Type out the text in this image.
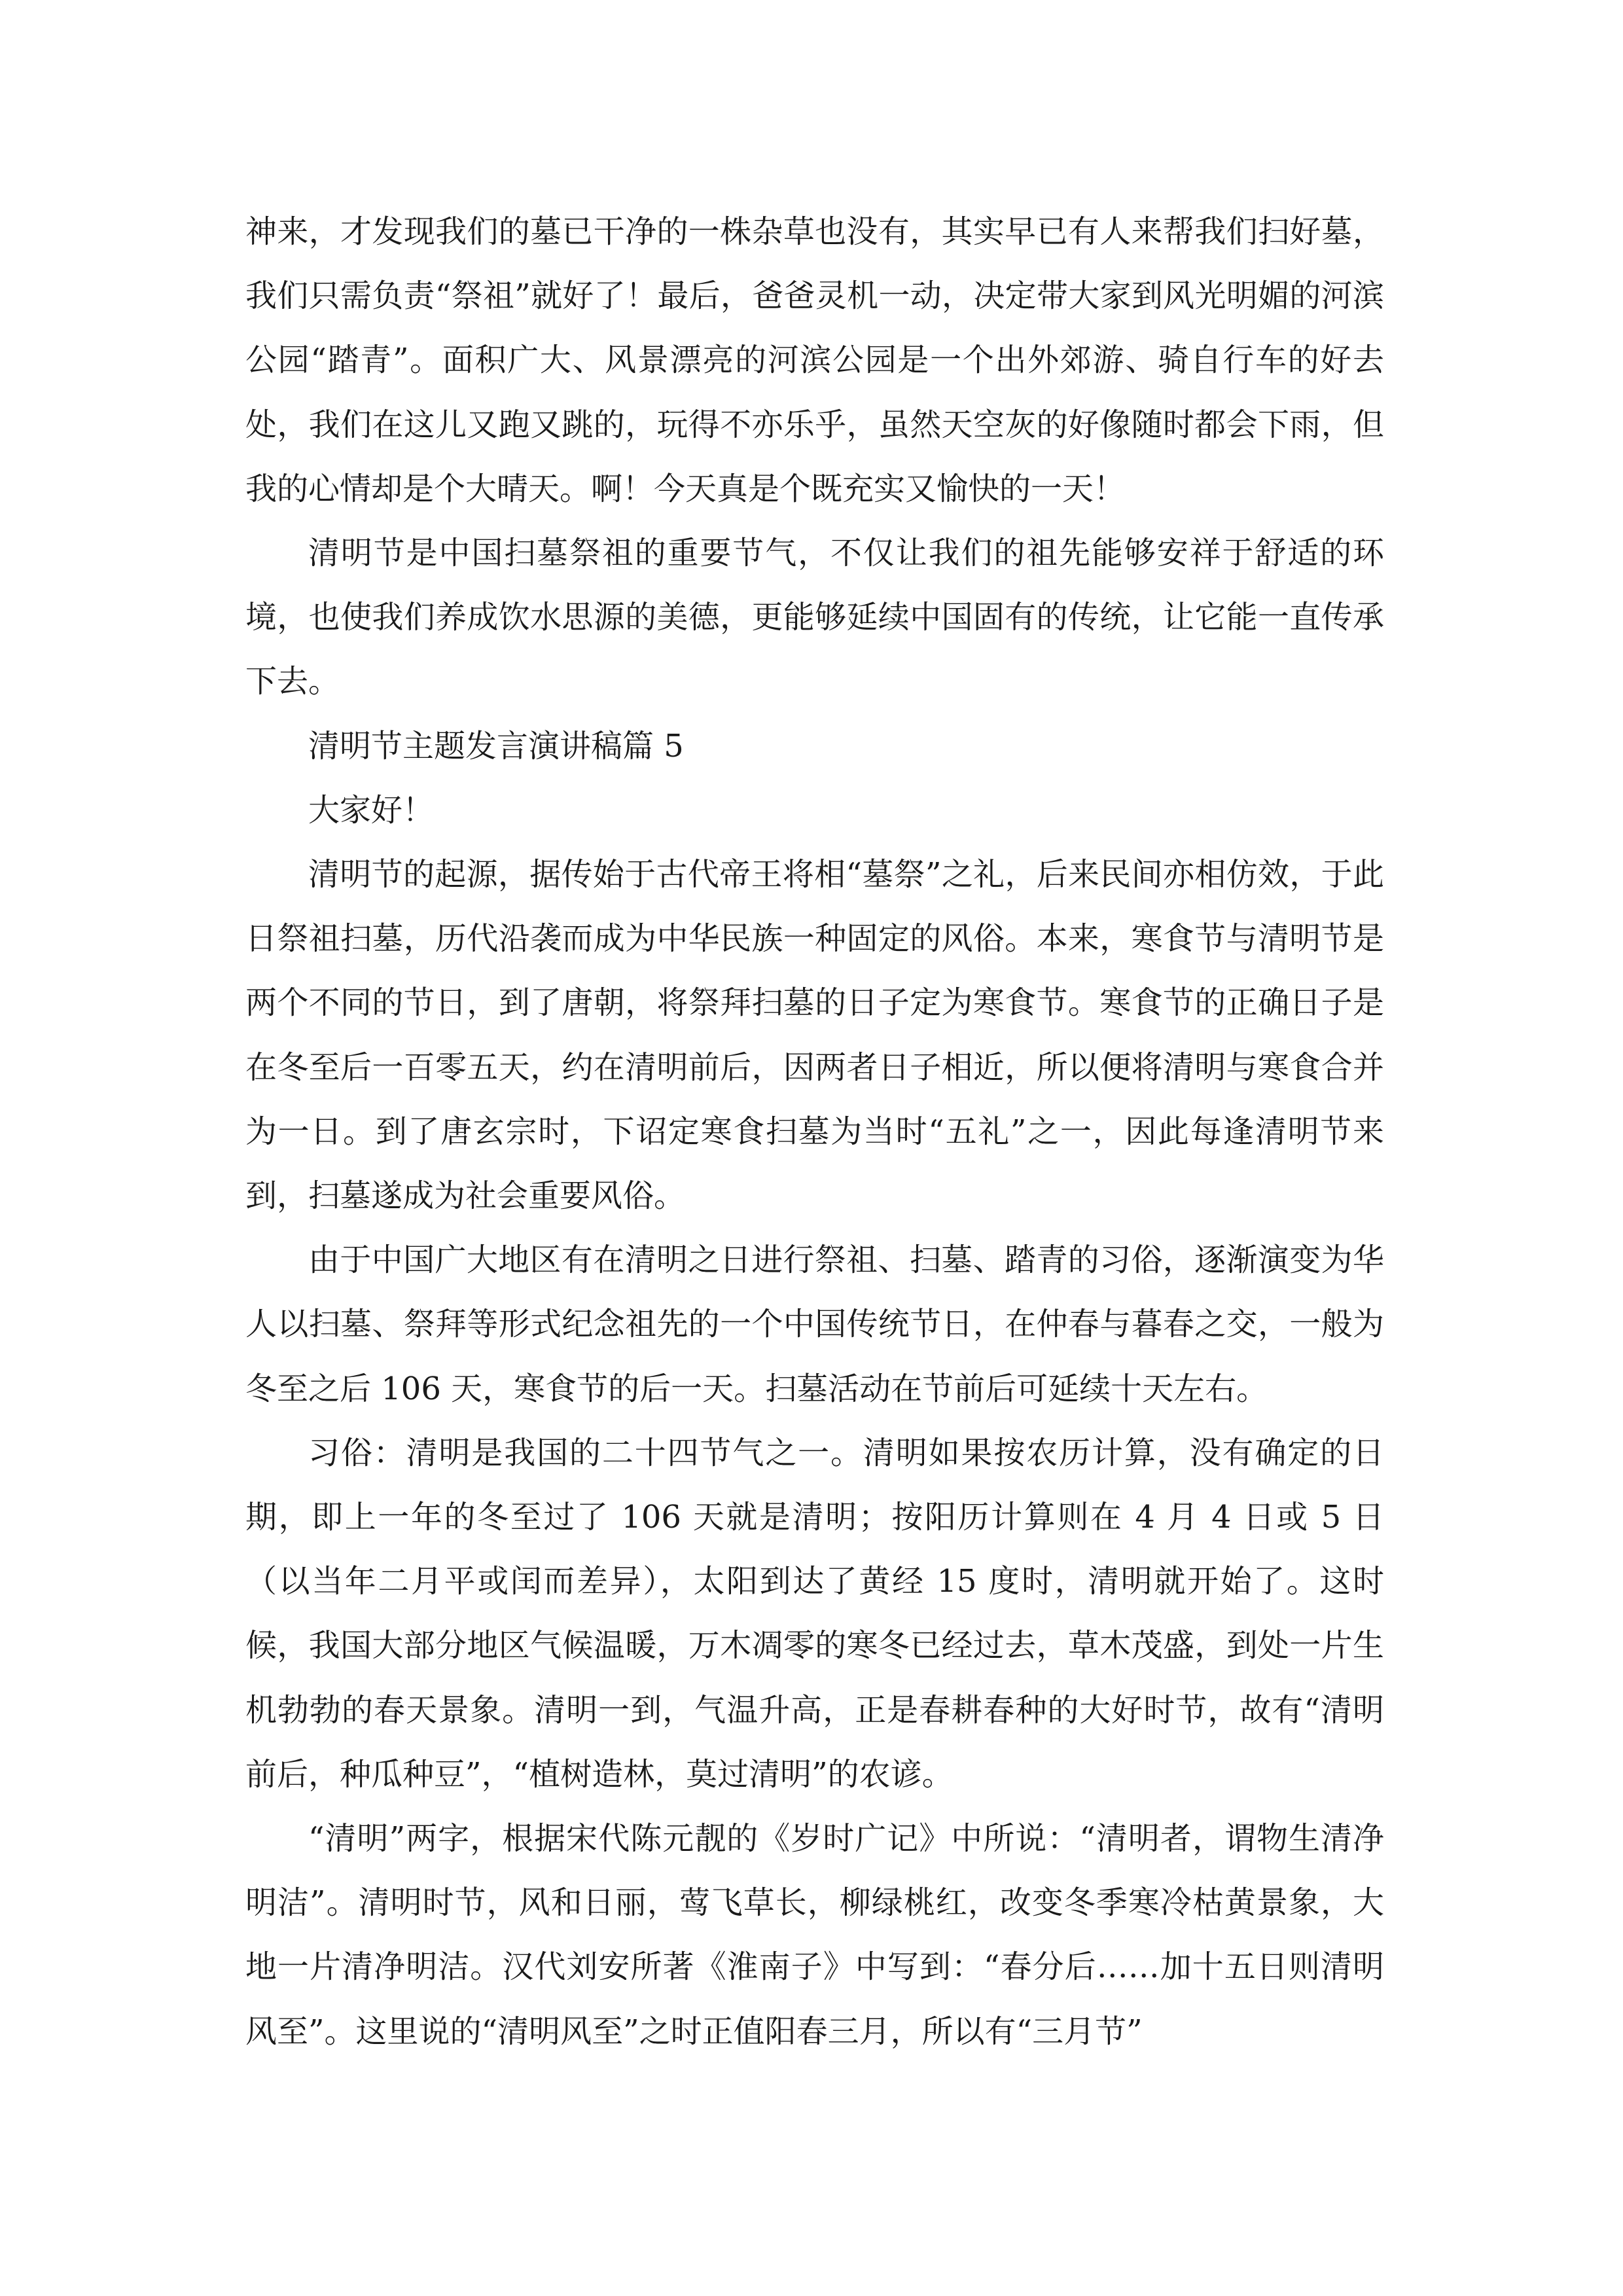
神来，才发现我们的墓已干净的一株杂草也没有，其实早已有人来帮我们扫好墓，我们只需负责“祭祖”就好了！最后，爸爸灵机一动，决定带大家到风光明媚的河滨公园“踏青”。面积广大、风景漂亮的河滨公园是一个出外郊游、骑自行车的好去处，我们在这儿又跑又跳的，玩得不亦乐乎，虽然天空灰的好像随时都会下雨，但我的心情却是个大晴天。啊！今天真是个既充实又愉快的一天！

清明节是中国扫墓祭祖的重要节气，不仅让我们的祖先能够安祥于舒适的环境，也使我们养成饮水思源的美德，更能够延续中国固有的传统，让它能一直传承下去。

清明节主题发言演讲稿篇 5

大家好！

清明节的起源，据传始于古代帝王将相“墓祭”之礼，后来民间亦相仿效，于此日祭祖扫墓，历代沿袭而成为中华民族一种固定的风俗。本来，寒食节与清明节是两个不同的节日，到了唐朝，将祭拜扫墓的日子定为寒食节。寒食节的正确日子是在冬至后一百零五天，约在清明前后，因两者日子相近，所以便将清明与寒食合并为一日。到了唐玄宗时，下诏定寒食扫墓为当时“五礼”之一，因此每逢清明节来到，扫墓遂成为社会重要风俗。

由于中国广大地区有在清明之日进行祭祖、扫墓、踏青的习俗，逐渐演变为华人以扫墓、祭拜等形式纪念祖先的一个中国传统节日，在仲春与暮春之交，一般为冬至之后 106 天，寒食节的后一天。扫墓活动在节前后可延续十天左右。

习俗：清明是我国的二十四节气之一。清明如果按农历计算，没有确定的日期，即上一年的冬至过了 106 天就是清明；按阳历计算则在 4 月 4 日或 5 日（以当年二月平或闰而差异），太阳到达了黄经 15 度时，清明就开始了。这时候，我国大部分地区气候温暖，万木凋零的寒冬已经过去，草木茂盛，到处一片生机勃勃的春天景象。清明一到，气温升高，正是春耕春种的大好时节，故有“清明前后，种瓜种豆”，“植树造林，莫过清明”的农谚。

“清明”两字，根据宋代陈元靓的《岁时广记》中所说：“清明者，谓物生清净明洁”。清明时节，风和日丽，莺飞草长，柳绿桃红，改变冬季寒冷枯黄景象，大地一片清净明洁。汉代刘安所著《淮南子》中写到：“春分后……加十五日则清明风至”。这里说的“清明风至”之时正值阳春三月，所以有“三月节”
